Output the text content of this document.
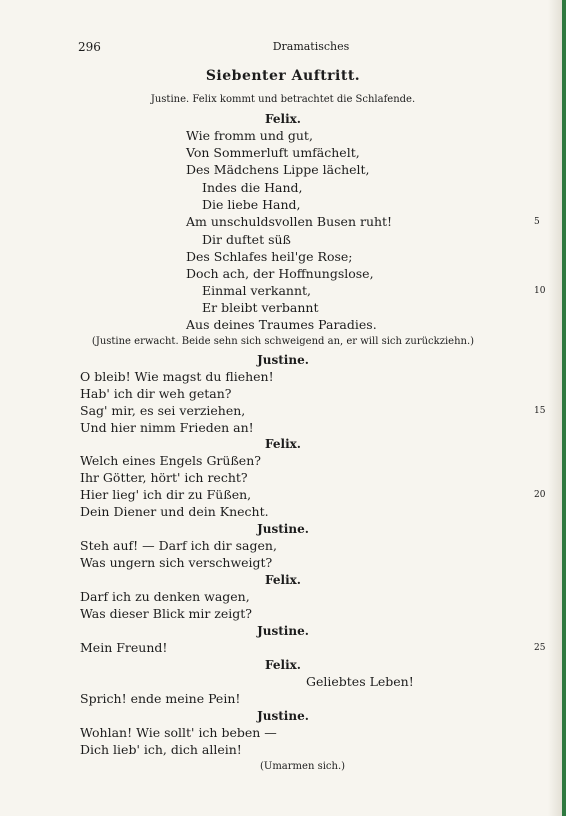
296	Dramatisches
Siebenter Auftritt.
Justine. Felix kommt und betrachtet die Schlafende.
Felix.
Wie fromm und gut,
Von Sommerluft umfächelt,
Des Mädchens Lippe lächelt,
Indes die Hand,
Die liebe Hand,
Am unschuldsvollen Busen ruht!
Dir duftet süß
Des Schlafes heil'ge Rose;
Doch ach, der Hoffnungslose,
Einmal verkannt,
Er bleibt verbannt
Aus deines Traumes Paradies.
(Justine erwacht. Beide sehn sich schweigend an, er will sich zurückziehn.)
Justine.
O bleib! Wie magst du fliehen!
Hab' ich dir weh getan?
Sag' mir, es sei verziehen,
Und hier nimm Frieden an!
Felix.
Welch eines Engels Grüßen?
Ihr Götter, hört' ich recht?
Hier lieg' ich dir zu Füßen,
Dein Diener und dein Knecht.
Justine.
Steh auf! — Darf ich dir sagen,
Was ungern sich verschweigt?
Felix.
Darf ich zu denken wagen,
Was dieser Blick mir zeigt?
Justine.
Mein Freund!
Felix.
Geliebtes Leben!
Sprich! ende meine Pein!
Justine.
Wohlan! Wie sollt' ich beben —
Dich lieb' ich, dich allein!
(Umarmen sich.)
5
10
15
20
25
